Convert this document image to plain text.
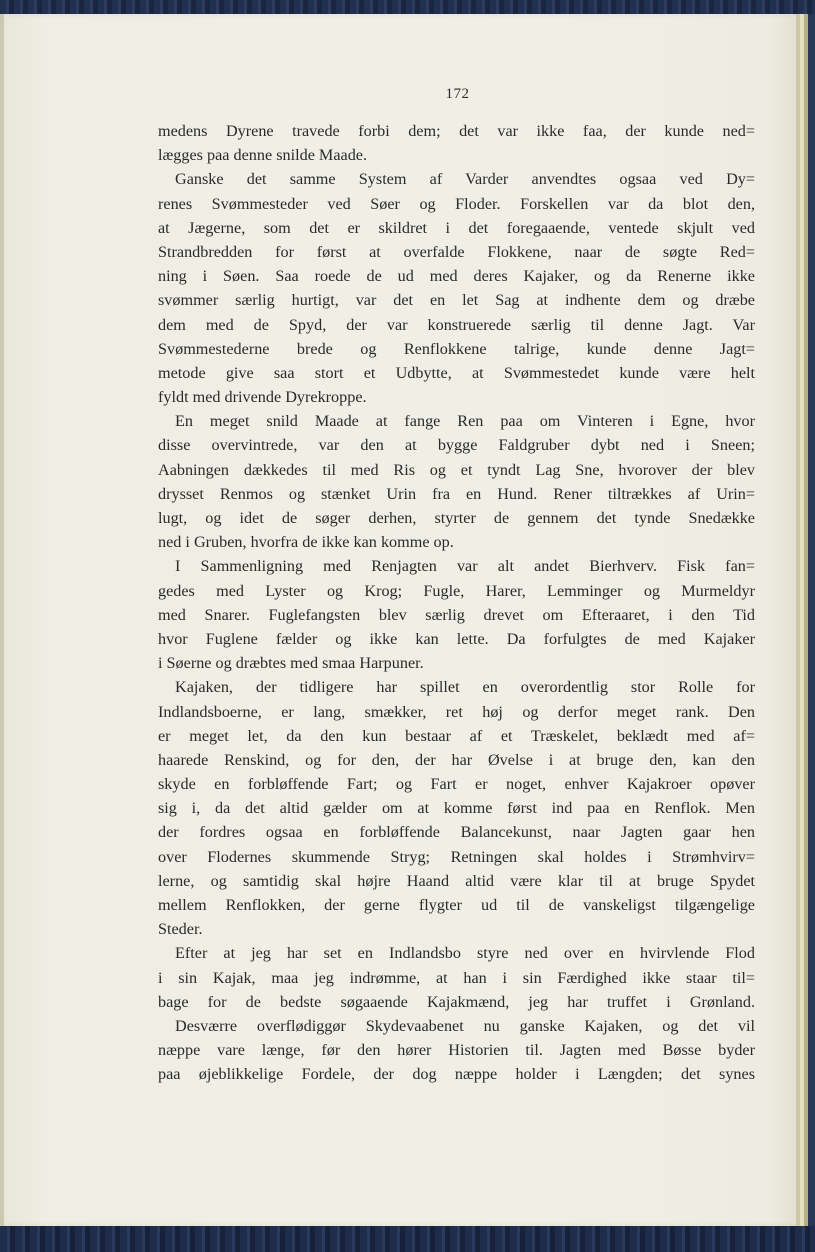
172
medens Dyrene travede forbi dem; det var ikke faa, der kunde ned=
lægges paa denne snilde Maade.
Ganske det samme System af Varder anvendtes ogsaa ved Dy=
renes Svømmesteder ved Søer og Floder. Forskellen var da blot den,
at Jægerne, som det er skildret i det foregaaende, ventede skjult ved
Strandbredden for først at overfalde Flokkene, naar de søgte Red=
ning i Søen. Saa roede de ud med deres Kajaker, og da Renerne ikke
svømmer særlig hurtigt, var det en let Sag at indhente dem og dræbe
dem med de Spyd, der var konstruerede særlig til denne Jagt. Var
Svømmestederne brede og Renflokkene talrige, kunde denne Jagt=
metode give saa stort et Udbytte, at Svømmestedet kunde være helt
fyldt med drivende Dyrekroppe.
En meget snild Maade at fange Ren paa om Vinteren i Egne, hvor
disse overvintrede, var den at bygge Faldgruber dybt ned i Sneen;
Aabningen dækkedes til med Ris og et tyndt Lag Sne, hvorover der blev
drysset Renmos og stænket Urin fra en Hund. Rener tiltrækkes af Urin=
lugt, og idet de søger derhen, styrter de gennem det tynde Snedække
ned i Gruben, hvorfra de ikke kan komme op.
I Sammenligning med Renjagten var alt andet Bierhverv. Fisk fan=
gedes med Lyster og Krog; Fugle, Harer, Lemminger og Murmeldyr
med Snarer. Fuglefangsten blev særlig drevet om Efteraaret, i den Tid
hvor Fuglene fælder og ikke kan lette. Da forfulgtes de med Kajaker
i Søerne og dræbtes med smaa Harpuner.
Kajaken, der tidligere har spillet en overordentlig stor Rolle for
Indlandsboerne, er lang, smækker, ret høj og derfor meget rank. Den
er meget let, da den kun bestaar af et Træskelet, beklædt med af=
haarede Renskind, og for den, der har Øvelse i at bruge den, kan den
skyde en forbløffende Fart; og Fart er noget, enhver Kajakroer opøver
sig i, da det altid gælder om at komme først ind paa en Renflok. Men
der fordres ogsaa en forbløffende Balancekunst, naar Jagten gaar hen
over Flodernes skummende Stryg; Retningen skal holdes i Strømhvirv=
lerne, og samtidig skal højre Haand altid være klar til at bruge Spydet
mellem Renflokken, der gerne flygter ud til de vanskeligst tilgængelige
Steder.
Efter at jeg har set en Indlandsbo styre ned over en hvirvlende Flod
i sin Kajak, maa jeg indrømme, at han i sin Færdighed ikke staar til=
bage for de bedste søgaaende Kajakmænd, jeg har truffet i Grønland.
Desværre overflødiggør Skydevaabenet nu ganske Kajaken, og det vil
næppe vare længe, før den hører Historien til. Jagten med Bøsse byder
paa øjeblikkelige Fordele, der dog næppe holder i Længden; det synes
